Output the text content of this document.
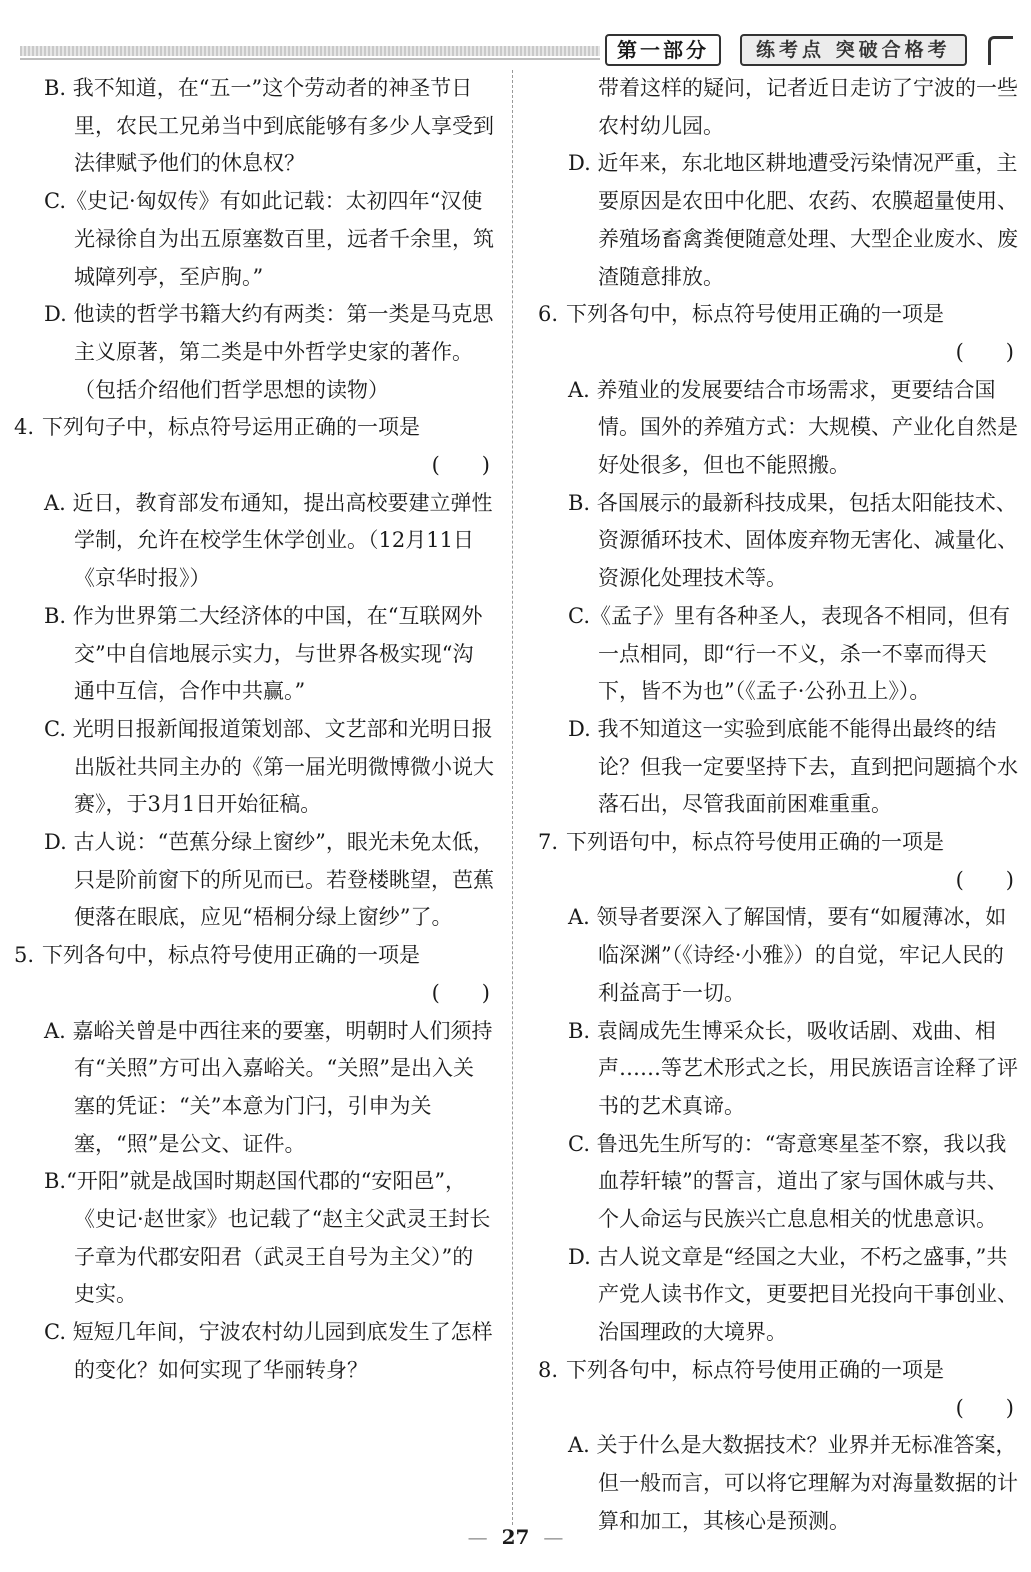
第一部分	练考点 突破合格考
B. 我不知道，在“五一”这个劳动者的神圣节日里，农民工兄弟当中到底能够有多少人享受到法律赋予他们的休息权？
C.《史记·匈奴传》有如此记载：太初四年“汉使光禄徐自为出五原塞数百里，远者千余里，筑城障列亭，至庐朐。”
D. 他读的哲学书籍大约有两类：第一类是马克思主义原著，第二类是中外哲学史家的著作。（包括介绍他们哲学思想的读物）
4. 下列句子中，标点符号运用正确的一项是
(　　)
A. 近日，教育部发布通知，提出高校要建立弹性学制，允许在校学生休学创业。（12月11日《京华时报》）
B. 作为世界第二大经济体的中国，在“互联网外交”中自信地展示实力，与世界各极实现“沟通中互信，合作中共赢。”
C. 光明日报新闻报道策划部、文艺部和光明日报出版社共同主办的《第一届光明微博微小说大赛》，于3月1日开始征稿。
D. 古人说：“芭蕉分绿上窗纱”，眼光未免太低，只是阶前窗下的所见而已。若登楼眺望，芭蕉便落在眼底，应见“梧桐分绿上窗纱”了。
5. 下列各句中，标点符号使用正确的一项是
(　　)
A. 嘉峪关曾是中西往来的要塞，明朝时人们须持有“关照”方可出入嘉峪关。“关照”是出入关塞的凭证：“关”本意为门闩，引申为关塞，“照”是公文、证件。
B.“开阳”就是战国时期赵国代郡的“安阳邑”，《史记·赵世家》也记载了“赵主父武灵王封长子章为代郡安阳君（武灵王自号为主父）”的史实。
C. 短短几年间，宁波农村幼儿园到底发生了怎样的变化？如何实现了华丽转身？
带着这样的疑问，记者近日走访了宁波的一些农村幼儿园。
D. 近年来，东北地区耕地遭受污染情况严重，主要原因是农田中化肥、农药、农膜超量使用、养殖场畜禽粪便随意处理、大型企业废水、废渣随意排放。
6. 下列各句中，标点符号使用正确的一项是
(　　)
A. 养殖业的发展要结合市场需求，更要结合国情。国外的养殖方式：大规模、产业化自然是好处很多，但也不能照搬。
B. 各国展示的最新科技成果，包括太阳能技术、资源循环技术、固体废弃物无害化、减量化、资源化处理技术等。
C.《孟子》里有各种圣人，表现各不相同，但有一点相同，即“行一不义，杀一不辜而得天下，皆不为也”（《孟子·公孙丑上》）。
D. 我不知道这一实验到底能不能得出最终的结论？但我一定要坚持下去，直到把问题搞个水落石出，尽管我面前困难重重。
7. 下列语句中，标点符号使用正确的一项是
(　　)
A. 领导者要深入了解国情，要有“如履薄冰，如临深渊”（《诗经·小雅》）的自觉，牢记人民的利益高于一切。
B. 袁阔成先生博采众长，吸收话剧、戏曲、相声……等艺术形式之长，用民族语言诠释了评书的艺术真谛。
C. 鲁迅先生所写的：“寄意寒星荃不察，我以我血荐轩辕”的誓言，道出了家与国休戚与共、个人命运与民族兴亡息息相关的忧患意识。
D. 古人说文章是“经国之大业，不朽之盛事，”共产党人读书作文，更要把目光投向干事创业、治国理政的大境界。
8. 下列各句中，标点符号使用正确的一项是
(　　)
A. 关于什么是大数据技术？业界并无标准答案，但一般而言，可以将它理解为对海量数据的计算和加工，其核心是预测。
— 27 —
